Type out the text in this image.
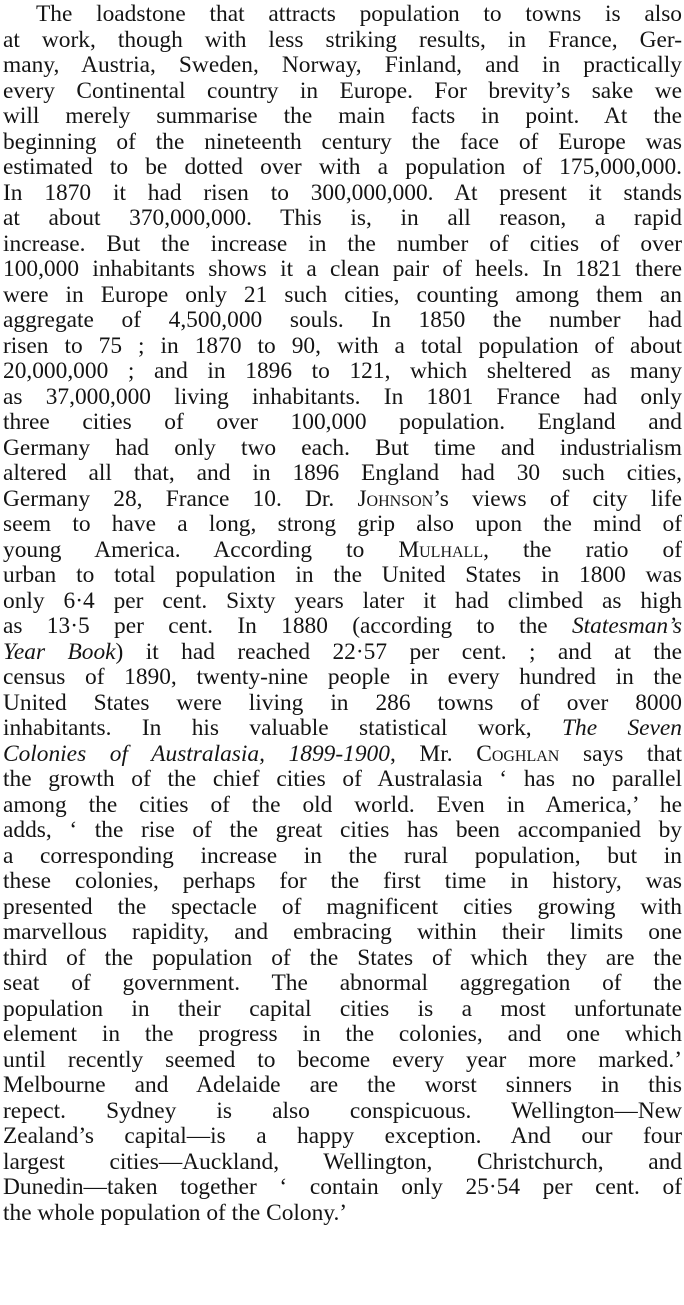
The loadstone that attracts population to towns is also
at work, though with less striking results, in France, Ger-
many, Austria, Sweden, Norway, Finland, and in practically
every Continental country in Europe. For brevity’s sake we
will merely summarise the main facts in point. At the
beginning of the nineteenth century the face of Europe was
estimated to be dotted over with a population of 175,000,000.
In 1870 it had risen to 300,000,000. At present it stands
at about 370,000,000. This is, in all reason, a rapid
increase. But the increase in the number of cities of over
100,000 inhabitants shows it a clean pair of heels. In 1821 there
were in Europe only 21 such cities, counting among them an
aggregate of 4,500,000 souls. In 1850 the number had
risen to 75 ; in 1870 to 90, with a total population of about
20,000,000 ; and in 1896 to 121, which sheltered as many
as 37,000,000 living inhabitants. In 1801 France had only
three cities of over 100,000 population. England and
Germany had only two each. But time and industrialism
altered all that, and in 1896 England had 30 such cities,
Germany 28, France 10. Dr. Johnson’s views of city life
seem to have a long, strong grip also upon the mind of
young America. According to Mulhall, the ratio of
urban to total population in the United States in 1800 was
only 6·4 per cent. Sixty years later it had climbed as high
as 13·5 per cent. In 1880 (according to the Statesman’s
Year Book) it had reached 22·57 per cent. ; and at the
census of 1890, twenty-nine people in every hundred in the
United States were living in 286 towns of over 8000
inhabitants. In his valuable statistical work, The Seven
Colonies of Australasia, 1899-1900, Mr. Coghlan says that
the growth of the chief cities of Australasia ‘ has no parallel
among the cities of the old world. Even in America,’ he
adds, ‘ the rise of the great cities has been accompanied by
a corresponding increase in the rural population, but in
these colonies, perhaps for the first time in history, was
presented the spectacle of magnificent cities growing with
marvellous rapidity, and embracing within their limits one
third of the population of the States of which they are the
seat of government. The abnormal aggregation of the
population in their capital cities is a most unfortunate
element in the progress in the colonies, and one which
until recently seemed to become every year more marked.’
Melbourne and Adelaide are the worst sinners in this
repect. Sydney is also conspicuous. Wellington—New
Zealand’s capital—is a happy exception. And our four
largest cities—Auckland, Wellington, Christchurch, and
Dunedin—taken together ‘ contain only 25·54 per cent. of
the whole population of the Colony.’
